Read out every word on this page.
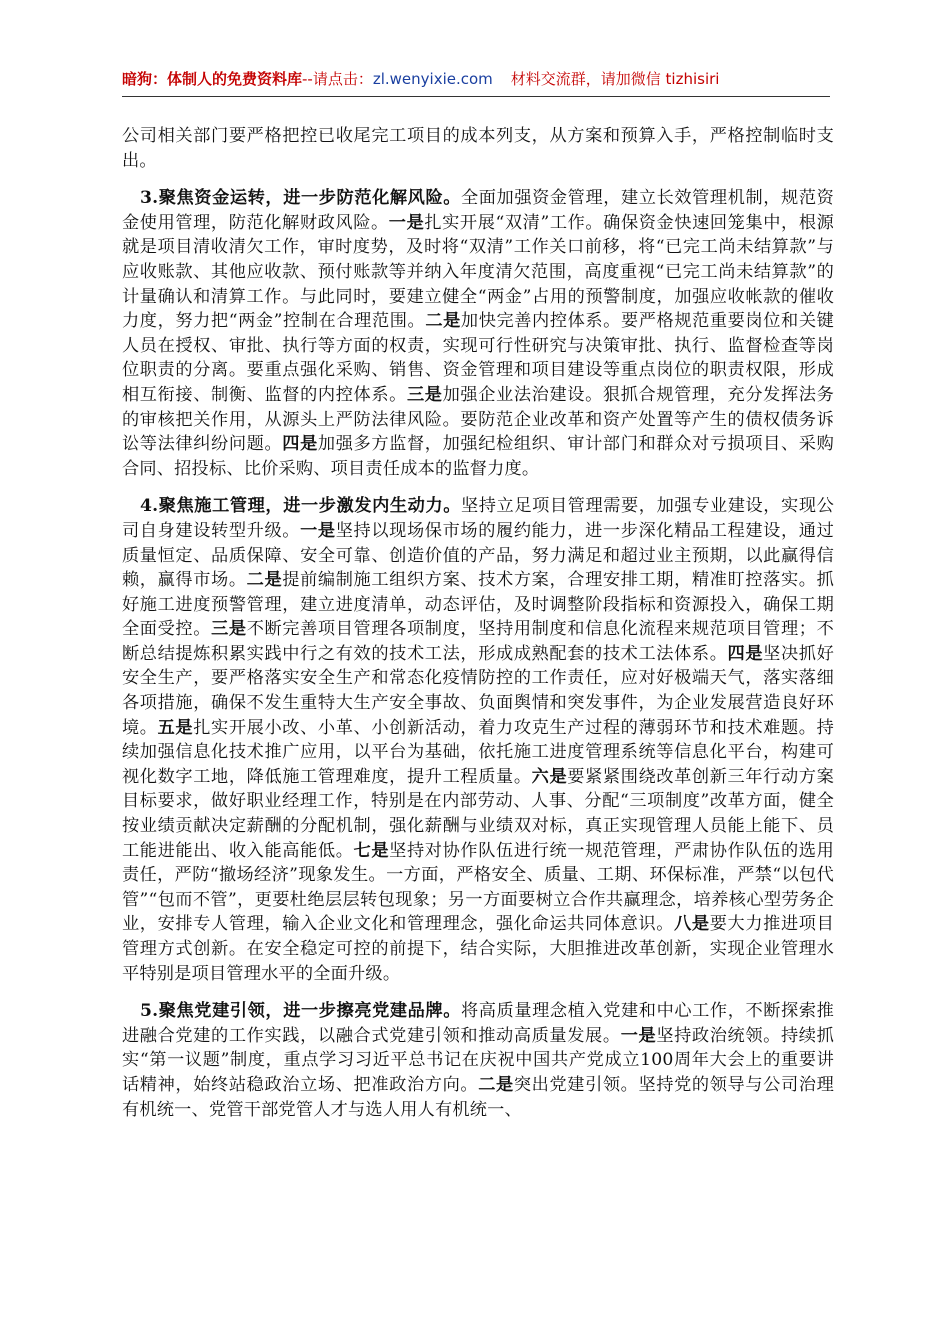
暗狗：体制人的免费资料库--请点击：zl.wenyixie.com 材料交流群，请加微信 tizhisiri

公司相关部门要严格把控已收尾完工项目的成本列支，从方案和预算入手，严格控制临时支出。

3.聚焦资金运转，进一步防范化解风险。全面加强资金管理，建立长效管理机制，规范资金使用管理，防范化解财政风险。一是扎实开展“双清”工作。确保资金快速回笼集中，根源就是项目清收清欠工作，审时度势，及时将“双清”工作关口前移，将“已完工尚未结算款”与应收账款、其他应收款、预付账款等并纳入年度清欠范围，高度重视“已完工尚未结算款”的计量确认和清算工作。与此同时，要建立健全“两金”占用的预警制度，加强应收帐款的催收力度，努力把“两金”控制在合理范围。二是加快完善内控体系。要严格规范重要岗位和关键人员在授权、审批、执行等方面的权责，实现可行性研究与决策审批、执行、监督检查等岗位职责的分离。要重点强化采购、销售、资金管理和项目建设等重点岗位的职责权限，形成相互衔接、制衡、监督的内控体系。三是加强企业法治建设。狠抓合规管理，充分发挥法务的审核把关作用，从源头上严防法律风险。要防范企业改革和资产处置等产生的债权债务诉讼等法律纠纷问题。四是加强多方监督，加强纪检组织、审计部门和群众对亏损项目、采购合同、招投标、比价采购、项目责任成本的监督力度。

4.聚焦施工管理，进一步激发内生动力。坚持立足项目管理需要，加强专业建设，实现公司自身建设转型升级。一是坚持以现场保市场的履约能力，进一步深化精品工程建设，通过质量恒定、品质保障、安全可靠、创造价值的产品，努力满足和超过业主预期，以此赢得信赖，赢得市场。二是提前编制施工组织方案、技术方案，合理安排工期，精准盯控落实。抓好施工进度预警管理，建立进度清单，动态评估，及时调整阶段指标和资源投入，确保工期全面受控。三是不断完善项目管理各项制度，坚持用制度和信息化流程来规范项目管理；不断总结提炼积累实践中行之有效的技术工法，形成成熟配套的技术工法体系。四是坚决抓好安全生产，要严格落实安全生产和常态化疫情防控的工作责任，应对好极端天气，落实落细各项措施，确保不发生重特大生产安全事故、负面舆情和突发事件，为企业发展营造良好环境。五是扎实开展小改、小革、小创新活动，着力攻克生产过程的薄弱环节和技术难题。持续加强信息化技术推广应用，以平台为基础，依托施工进度管理系统等信息化平台，构建可视化数字工地，降低施工管理难度，提升工程质量。六是要紧紧围绕改革创新三年行动方案目标要求，做好职业经理工作，特别是在内部劳动、人事、分配“三项制度”改革方面，健全按业绩贡献决定薪酬的分配机制，强化薪酬与业绩双对标，真正实现管理人员能上能下、员工能进能出、收入能高能低。七是坚持对协作队伍进行统一规范管理，严肃协作队伍的选用责任，严防“撤场经济”现象发生。一方面，严格安全、质量、工期、环保标准，严禁“以包代管”“包而不管”，更要杜绝层层转包现象；另一方面要树立合作共赢理念，培养核心型劳务企业，安排专人管理，输入企业文化和管理理念，强化命运共同体意识。八是要大力推进项目管理方式创新。在安全稳定可控的前提下，结合实际，大胆推进改革创新，实现企业管理水平特别是项目管理水平的全面升级。

5.聚焦党建引领，进一步擦亮党建品牌。将高质量理念植入党建和中心工作，不断探索推进融合党建的工作实践，以融合式党建引领和推动高质量发展。一是坚持政治统领。持续抓实“第一议题”制度，重点学习习近平总书记在庆祝中国共产党成立100周年大会上的重要讲话精神，始终站稳政治立场、把准政治方向。二是突出党建引领。坚持党的领导与公司治理有机统一、党管干部党管人才与选人用人有机统一、
